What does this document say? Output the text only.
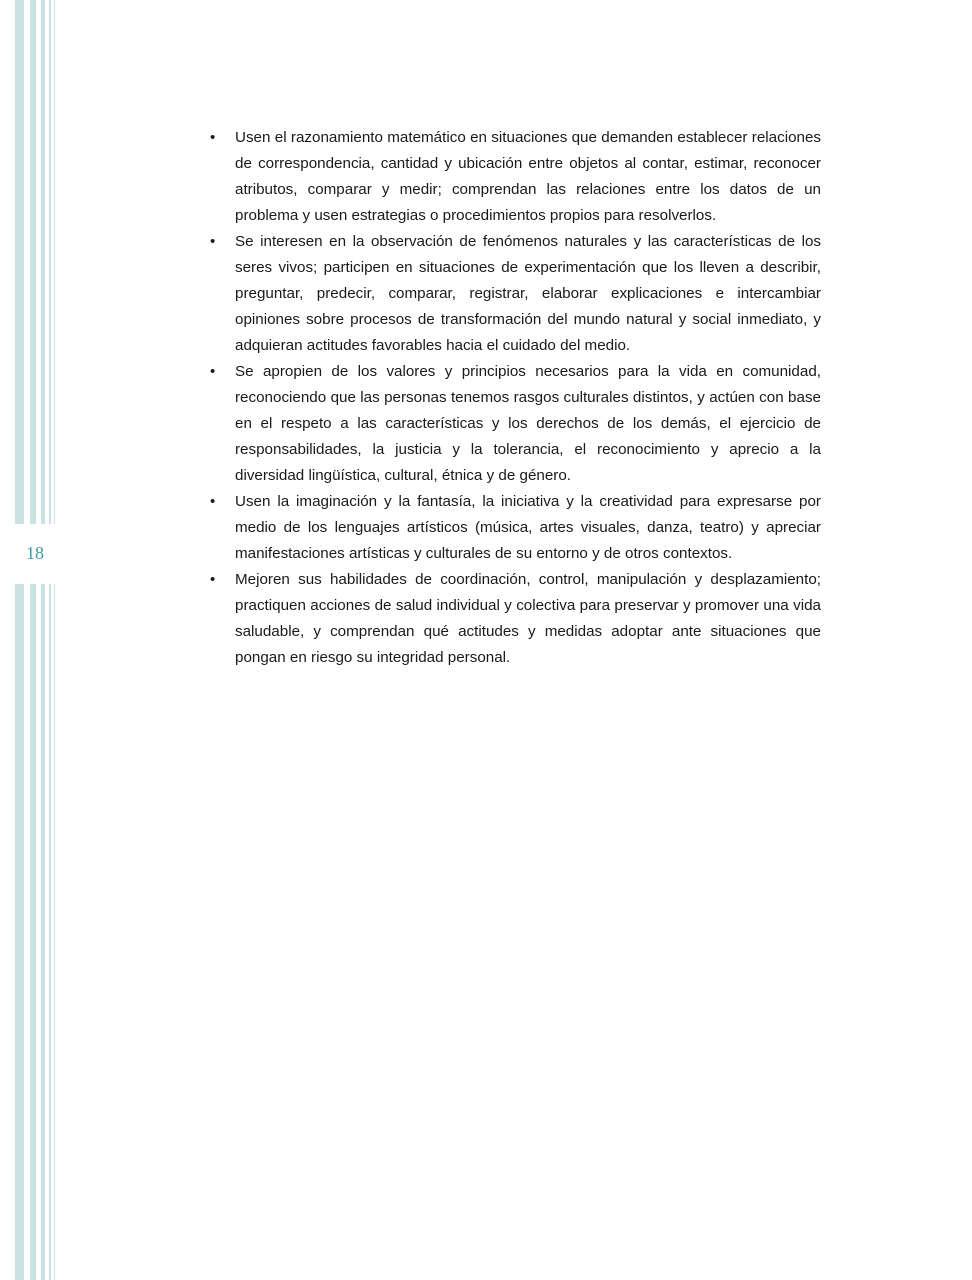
18
• Usen el razonamiento matemático en situaciones que demanden establecer relaciones de correspondencia, cantidad y ubicación entre objetos al contar, estimar, reconocer atributos, comparar y medir; comprendan las relaciones entre los datos de un problema y usen estrategias o procedimientos propios para resolverlos.
• Se interesen en la observación de fenómenos naturales y las características de los seres vivos; participen en situaciones de experimentación que los lleven a describir, preguntar, predecir, comparar, registrar, elaborar explicaciones e intercambiar opiniones sobre procesos de transformación del mundo natural y social inmediato, y adquieran actitudes favorables hacia el cuidado del medio.
• Se apropien de los valores y principios necesarios para la vida en comunidad, reconociendo que las personas tenemos rasgos culturales distintos, y actúen con base en el respeto a las características y los derechos de los demás, el ejercicio de responsabilidades, la justicia y la tolerancia, el reconocimiento y aprecio a la diversidad lingüística, cultural, étnica y de género.
• Usen la imaginación y la fantasía, la iniciativa y la creatividad para expresarse por medio de los lenguajes artísticos (música, artes visuales, danza, teatro) y apreciar manifestaciones artísticas y culturales de su entorno y de otros contextos.
• Mejoren sus habilidades de coordinación, control, manipulación y desplazamiento; practiquen acciones de salud individual y colectiva para preservar y promover una vida saludable, y comprendan qué actitudes y medidas adoptar ante situaciones que pongan en riesgo su integridad personal.
